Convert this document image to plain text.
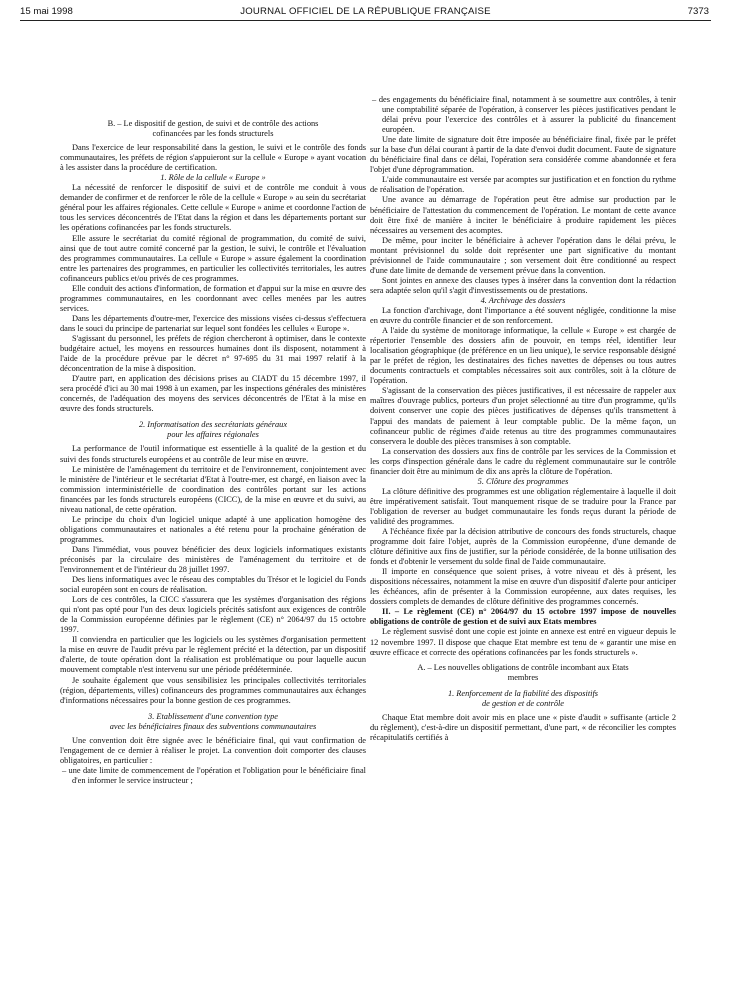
15 mai 1998	JOURNAL OFFICIEL DE LA RÉPUBLIQUE FRANÇAISE	7373

B. – Le dispositif de gestion, de suivi et de contrôle des actions cofinancées par les fonds structurels

Dans l'exercice de leur responsabilité dans la gestion, le suivi et le contrôle des fonds communautaires, les préfets de région s'appuieront sur la cellule « Europe » ayant vocation à les assister dans la procédure de certification.

1. Rôle de la cellule « Europe »

La nécessité de renforcer le dispositif de suivi et de contrôle me conduit à vous demander de confirmer et de renforcer le rôle de la cellule « Europe » au sein du secrétariat général pour les affaires régionales. Cette cellule « Europe » anime et coordonne l'action de tous les services déconcentrés de l'Etat dans la région et dans les départements portant sur les opérations cofinancées par les fonds structurels.

Elle assure le secrétariat du comité régional de programmation, du comité de suivi, ainsi que de tout autre comité concerné par la gestion, le suivi, le contrôle et l'évaluation des programmes communautaires. La cellule « Europe » assure également la coordination entre les partenaires des programmes, en particulier les collectivités territoriales, les autres cofinanceurs publics et/ou privés de ces programmes.

Elle conduit des actions d'information, de formation et d'appui sur la mise en œuvre des programmes communautaires, en les coordonnant avec celles menées par les autres services.

Dans les départements d'outre-mer, l'exercice des missions visées ci-dessus s'effectuera dans le souci du principe de partenariat sur lequel sont fondées les cellules « Europe ».

S'agissant du personnel, les préfets de région chercheront à optimiser, dans le contexte budgétaire actuel, les moyens en ressources humaines dont ils disposent, notamment à l'aide de la procédure prévue par le décret n° 97-695 du 31 mai 1997 relatif à la déconcentration de la mise à disposition.

D'autre part, en application des décisions prises au CIADT du 15 décembre 1997, il sera procédé d'ici au 30 mai 1998 à un examen, par les inspections générales des ministères concernés, de l'adéquation des moyens des services déconcentrés de l'Etat à la mise en œuvre des fonds structurels.

2. Informatisation des secrétariats généraux
pour les affaires régionales

La performance de l'outil informatique est essentielle à la qualité de la gestion et du suivi des fonds structurels européens et au contrôle de leur mise en œuvre.

Le ministère de l'aménagement du territoire et de l'environnement, conjointement avec le ministère de l'intérieur et le secrétariat d'Etat à l'outre-mer, est chargé, en liaison avec la commission interministérielle de coordination des contrôles portant sur les actions financées par les fonds structurels européens (CICC), de la mise en œuvre et du suivi, au niveau national, de cette opération.

Le principe du choix d'un logiciel unique adapté à une application homogène des obligations communautaires et nationales a été retenu pour la prochaine génération de programmes.

Dans l'immédiat, vous pouvez bénéficier des deux logiciels informatiques existants préconisés par la circulaire des ministères de l'aménagement du territoire et de l'environnement et de l'intérieur du 28 juillet 1997.

Des liens informatiques avec le réseau des comptables du Trésor et le logiciel du Fonds social européen sont en cours de réalisation.

Lors de ces contrôles, la CICC s'assurera que les systèmes d'organisation des régions qui n'ont pas opté pour l'un des deux logiciels précités satisfont aux exigences de contrôle de la Commission européenne définies par le règlement (CE) n° 2064/97 du 15 octobre 1997.

Il conviendra en particulier que les logiciels ou les systèmes d'organisation permettent la mise en œuvre de l'audit prévu par le règlement précité et la détection, par un dispositif d'alerte, de toute opération dont la réalisation est problématique ou pour laquelle aucun mouvement comptable n'est intervenu sur une période prédéterminée.

Je souhaite également que vous sensibilisiez les principales collectivités territoriales (région, départements, villes) cofinanceurs des programmes communautaires aux échanges d'informations nécessaires pour la bonne gestion de ces programmes.

3. Etablissement d'une convention type
avec les bénéficiaires finaux des subventions communautaires

Une convention doit être signée avec le bénéficiaire final, qui vaut confirmation de l'engagement de ce dernier à réaliser le projet. La convention doit comporter des clauses obligatoires, en particulier :

– une date limite de commencement de l'opération et l'obligation pour le bénéficiaire final d'en informer le service instructeur ;

– des engagements du bénéficiaire final, notamment à se soumettre aux contrôles, à tenir une comptabilité séparée de l'opération, à conserver les pièces justificatives pendant le délai prévu pour l'exercice des contrôles et à assurer la publicité du financement européen.

Une date limite de signature doit être imposée au bénéficiaire final, fixée par le préfet sur la base d'un délai courant à partir de la date d'envoi dudit document. Faute de signature du bénéficiaire final dans ce délai, l'opération sera considérée comme abandonnée et fera l'objet d'une déprogrammation.

L'aide communautaire est versée par acomptes sur justification et en fonction du rythme de réalisation de l'opération.

Une avance au démarrage de l'opération peut être admise sur production par le bénéficiaire de l'attestation du commencement de l'opération. Le montant de cette avance doit être fixé de manière à inciter le bénéficiaire à produire rapidement les pièces nécessaires au versement des acomptes.

De même, pour inciter le bénéficiaire à achever l'opération dans le délai prévu, le montant prévisionnel du solde doit représenter une part significative du montant prévisionnel de l'aide communautaire ; son versement doit être conditionné au respect d'une date limite de demande de versement prévue dans la convention.

Sont jointes en annexe des clauses types à insérer dans la convention dont la rédaction sera adaptée selon qu'il s'agit d'investissements ou de prestations.

4. Archivage des dossiers

La fonction d'archivage, dont l'importance a été souvent négligée, conditionne la mise en œuvre du contrôle financier et de son renforcement.

A l'aide du système de monitorage informatique, la cellule « Europe » est chargée de répertorier l'ensemble des dossiers afin de pouvoir, en temps réel, identifier leur localisation géographique (de préférence en un lieu unique), le service responsable désigné par le préfet de région, les destinataires des fiches navettes de dépenses ou tous autres documents contractuels et comptables nécessaires soit aux contrôles, soit à la clôture de l'opération.

S'agissant de la conservation des pièces justificatives, il est nécessaire de rappeler aux maîtres d'ouvrage publics, porteurs d'un projet sélectionné au titre d'un programme, qu'ils doivent conserver une copie des pièces justificatives de dépenses qu'ils transmettent à l'appui des mandats de paiement à leur comptable public. De la même façon, un cofinanceur public de régimes d'aide retenus au titre des programmes communautaires conservera le double des pièces transmises à son comptable.

La conservation des dossiers aux fins de contrôle par les services de la Commission et les corps d'inspection générale dans le cadre du règlement communautaire sur le contrôle financier doit être au minimum de dix ans après la clôture de l'opération.

5. Clôture des programmes

La clôture définitive des programmes est une obligation réglementaire à laquelle il doit être impérativement satisfait. Tout manquement risque de se traduire pour la France par l'obligation de reverser au budget communautaire les fonds reçus durant la période de validité des programmes.

A l'échéance fixée par la décision attributive de concours des fonds structurels, chaque programme doit faire l'objet, auprès de la Commission européenne, d'une demande de clôture définitive aux fins de justifier, sur la période considérée, de la bonne utilisation des fonds et d'obtenir le versement du solde final de l'aide communautaire.

Il importe en conséquence que soient prises, à votre niveau et dès à présent, les dispositions nécessaires, notamment la mise en œuvre d'un dispositif d'alerte pour anticiper les échéances, afin de présenter à la Commission européenne, aux dates requises, les dossiers complets de demandes de clôture définitive des programmes concernés.

II. – Le règlement (CE) n° 2064/97 du 15 octobre 1997 impose de nouvelles obligations de contrôle de gestion et de suivi aux Etats membres

Le règlement susvisé dont une copie est jointe en annexe est entré en vigueur depuis le 12 novembre 1997. Il dispose que chaque Etat membre est tenu de « garantir une mise en œuvre efficace et correcte des opérations cofinancées par les fonds structurels ».

A. – Les nouvelles obligations de contrôle incombant aux Etats membres

1. Renforcement de la fiabilité des dispositifs
de gestion et de contrôle

Chaque Etat membre doit avoir mis en place une « piste d'audit » suffisante (article 2 du règlement), c'est-à-dire un dispositif permettant, d'une part, « de réconcilier les comptes récapitulatifs certifiés à
